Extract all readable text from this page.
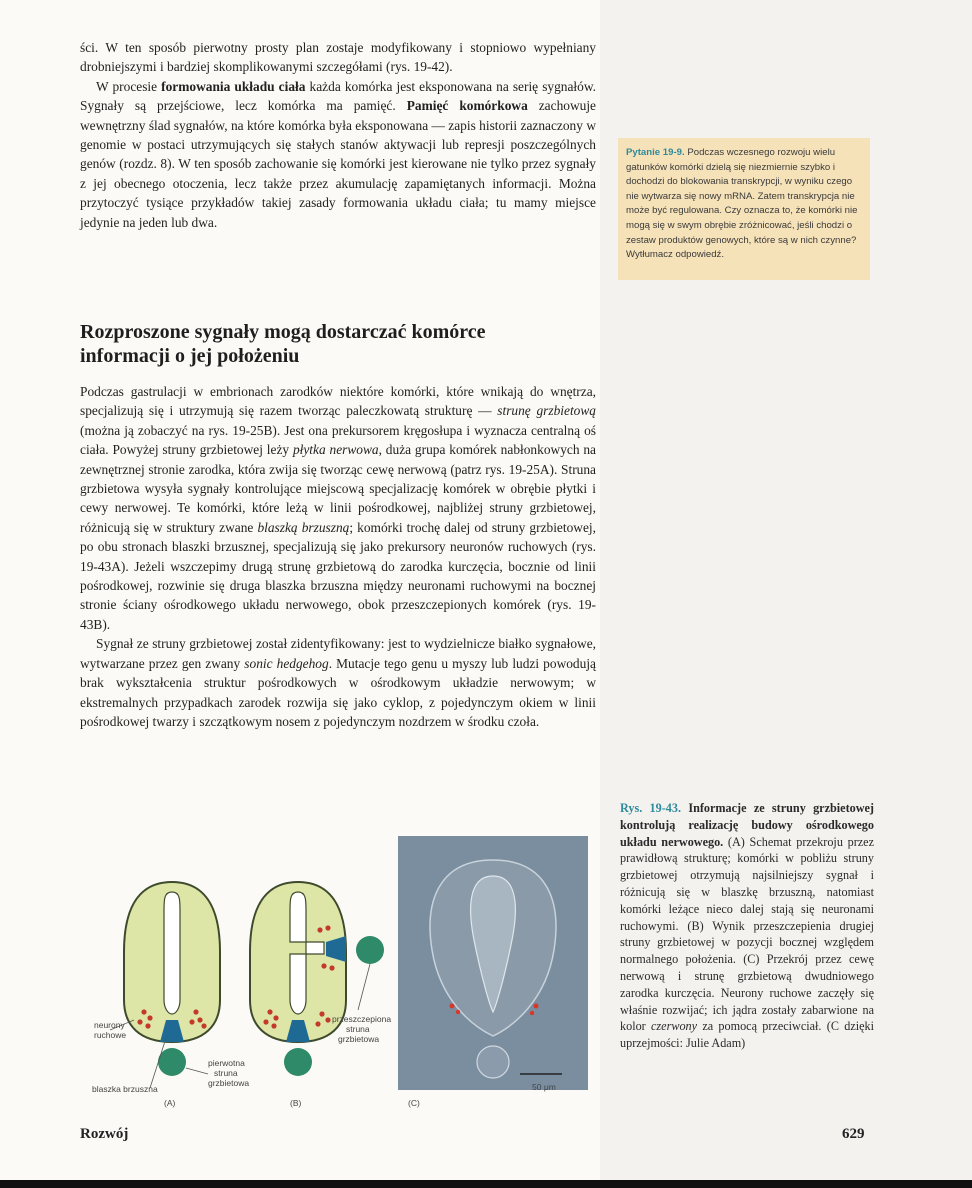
ści. W ten sposób pierwotny prosty plan zostaje modyfikowany i stopniowo wypełniany drobniejszymi i bardziej skomplikowanymi szczegółami (rys. 19-42).

W procesie formowania układu ciała każda komórka jest eksponowana na serię sygnałów. Sygnały są przejściowe, lecz komórka ma pamięć. Pamięć komórkowa zachowuje wewnętrzny ślad sygnałów, na które komórka była eksponowana — zapis historii zaznaczony w genomie w postaci utrzymujących się stałych stanów aktywacji lub represji poszczególnych genów (rozdz. 8). W ten sposób zachowanie się komórki jest kierowane nie tylko przez sygnały z jej obecnego otoczenia, lecz także przez akumulację zapamiętanych informacji. Można przytoczyć tysiące przykładów takiej zasady formowania układu ciała; tu mamy miejsce jedynie na jeden lub dwa.

Pytanie 19-9. Podczas wczesnego rozwoju wielu gatunków komórki dzielą się niezmiernie szybko i dochodzi do blokowania transkrypcji, w wyniku czego nie wytwarza się nowy mRNA. Zatem transkrypcja nie może być regulowana. Czy oznacza to, że komórki nie mogą się w swym obrębie zróżnicować, jeśli chodzi o zestaw produktów genowych, które są w nich czynne? Wytłumacz odpowiedź.
Rozproszone sygnały mogą dostarczać komórce informacji o jej położeniu

Podczas gastrulacji w embrionach zarodków niektóre komórki, które wnikają do wnętrza, specjalizują się i utrzymują się razem tworząc paleczkowatą strukturę — strunę grzbietową (można ją zobaczyć na rys. 19-25B). Jest ona prekursorem kręgosłupa i wyznacza centralną oś ciała. Powyżej struny grzbietowej leży płytka nerwowa, duża grupa komórek nabłonkowych na zewnętrznej stronie zarodka, która zwija się tworząc cewę nerwową (patrz rys. 19-25A). Struna grzbietowa wysyła sygnały kontrolujące miejscową specjalizację komórek w obrębie płytki i cewy nerwowej. Te komórki, które leżą w linii pośrodkowej, najbliżej struny grzbietowej, różnicują się w struktury zwane blaszką brzuszną; komórki trochę dalej od struny grzbietowej, po obu stronach blaszki brzusznej, specjalizują się jako prekursory neuronów ruchowych (rys. 19-43A). Jeżeli wszczepimy drugą strunę grzbietową do zarodka kurczęcia, bocznie od linii pośrodkowej, rozwinie się druga blaszka brzuszna między neuronami ruchowymi na bocznej stronie ściany ośrodkowego układu nerwowego, obok przeszczepionych komórek (rys. 19-43B).

Sygnał ze struny grzbietowej został zidentyfikowany: jest to wydzielnicze białko sygnałowe, wytwarzane przez gen zwany sonic hedgehog. Mutacje tego genu u myszy lub ludzi powodują brak wykształcenia struktur pośrodkowych w ośrodkowym układzie nerwowym; w ekstremalnych przypadkach zarodek rozwija się jako cyklop, z pojedynczym okiem w linii pośrodkowej twarzy i szczątkowym nosem z pojedynczym nozdrzem w środku czoła.

Rys. 19-43. Informacje ze struny grzbietowej kontrolują realizację budowy ośrodkowego układu nerwowego. (A) Schemat przekroju przez prawidłową strukturę; komórki w pobliżu struny grzbietowej otrzymują najsilniejszy sygnał i różnicują się w blaszkę brzuszną, natomiast komórki leżące nieco dalej stają się neuronami ruchowymi. (B) Wynik przeszczepienia drugiej struny grzbietowej w pozycji bocznej względem normalnego położenia. (C) Przekrój przez cewę nerwową i strunę grzbietową dwudniowego zarodka kurczęcia. Neurony ruchowe zaczęły się właśnie rozwijać; ich jądra zostały zabarwione na kolor czerwony za pomocą przeciwciał. (C dzięki uprzejmości: Julie Adam)
neurony
ruchowe
pierwotna
struna
grzbietowa
blaszka brzuszna
(A)
przeszczepiona
struna
grzbietowa
(B)	(C)
50 μm
Rozwój	629
